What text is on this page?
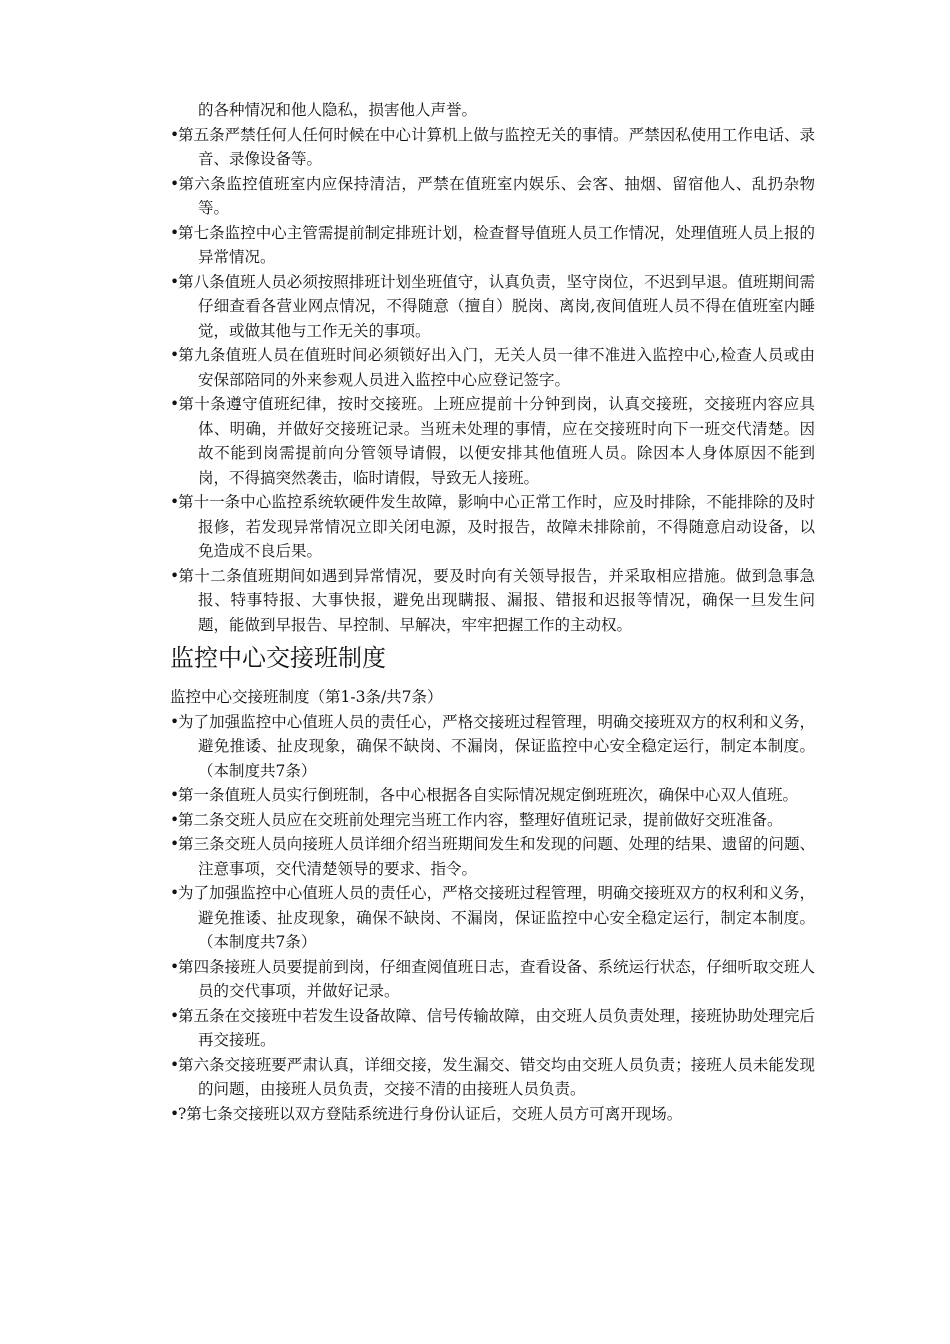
的各种情况和他人隐私，损害他人声誉。

•第五条严禁任何人任何时候在中心计算机上做与监控无关的事情。严禁因私使用工作电话、录音、录像设备等。

•第六条监控值班室内应保持清洁，严禁在值班室内娱乐、会客、抽烟、留宿他人、乱扔杂物等。

•第七条监控中心主管需提前制定排班计划，检查督导值班人员工作情况，处理值班人员上报的异常情况。

•第八条值班人员必须按照排班计划坐班值守，认真负责，坚守岗位，不迟到早退。值班期间需仔细查看各营业网点情况，不得随意（擅自）脱岗、离岗,夜间值班人员不得在值班室内睡觉，或做其他与工作无关的事项。

•第九条值班人员在值班时间必须锁好出入门，无关人员一律不准进入监控中心,检查人员或由安保部陪同的外来参观人员进入监控中心应登记签字。

•第十条遵守值班纪律，按时交接班。上班应提前十分钟到岗，认真交接班，交接班内容应具体、明确，并做好交接班记录。当班未处理的事情，应在交接班时向下一班交代清楚。因故不能到岗需提前向分管领导请假，以便安排其他值班人员。除因本人身体原因不能到岗，不得搞突然袭击，临时请假，导致无人接班。

•第十一条中心监控系统软硬件发生故障，影响中心正常工作时，应及时排除，不能排除的及时报修，若发现异常情况立即关闭电源，及时报告，故障未排除前，不得随意启动设备，以免造成不良后果。

•第十二条值班期间如遇到异常情况，要及时向有关领导报告，并采取相应措施。做到急事急报、特事特报、大事快报，避免出现瞒报、漏报、错报和迟报等情况，确保一旦发生问题，能做到早报告、早控制、早解决，牢牢把握工作的主动权。

监控中心交接班制度

监控中心交接班制度（第1-3条/共7条）

•为了加强监控中心值班人员的责任心，严格交接班过程管理，明确交接班双方的权利和义务，避免推诿、扯皮现象，确保不缺岗、不漏岗，保证监控中心安全稳定运行，制定本制度。（本制度共7条）

•第一条值班人员实行倒班制，各中心根据各自实际情况规定倒班班次，确保中心双人值班。

•第二条交班人员应在交班前处理完当班工作内容，整理好值班记录，提前做好交班准备。

•第三条交班人员向接班人员详细介绍当班期间发生和发现的问题、处理的结果、遗留的问题、注意事项，交代清楚领导的要求、指令。

•为了加强监控中心值班人员的责任心，严格交接班过程管理，明确交接班双方的权利和义务，避免推诿、扯皮现象，确保不缺岗、不漏岗，保证监控中心安全稳定运行，制定本制度。（本制度共7条）

•第四条接班人员要提前到岗，仔细查阅值班日志，查看设备、系统运行状态，仔细听取交班人员的交代事项，并做好记录。

•第五条在交接班中若发生设备故障、信号传输故障，由交班人员负责处理，接班协助处理完后再交接班。

•第六条交接班要严肃认真，详细交接，发生漏交、错交均由交班人员负责；接班人员未能发现的问题，由接班人员负责，交接不清的由接班人员负责。

•?第七条交接班以双方登陆系统进行身份认证后，交班人员方可离开现场。
